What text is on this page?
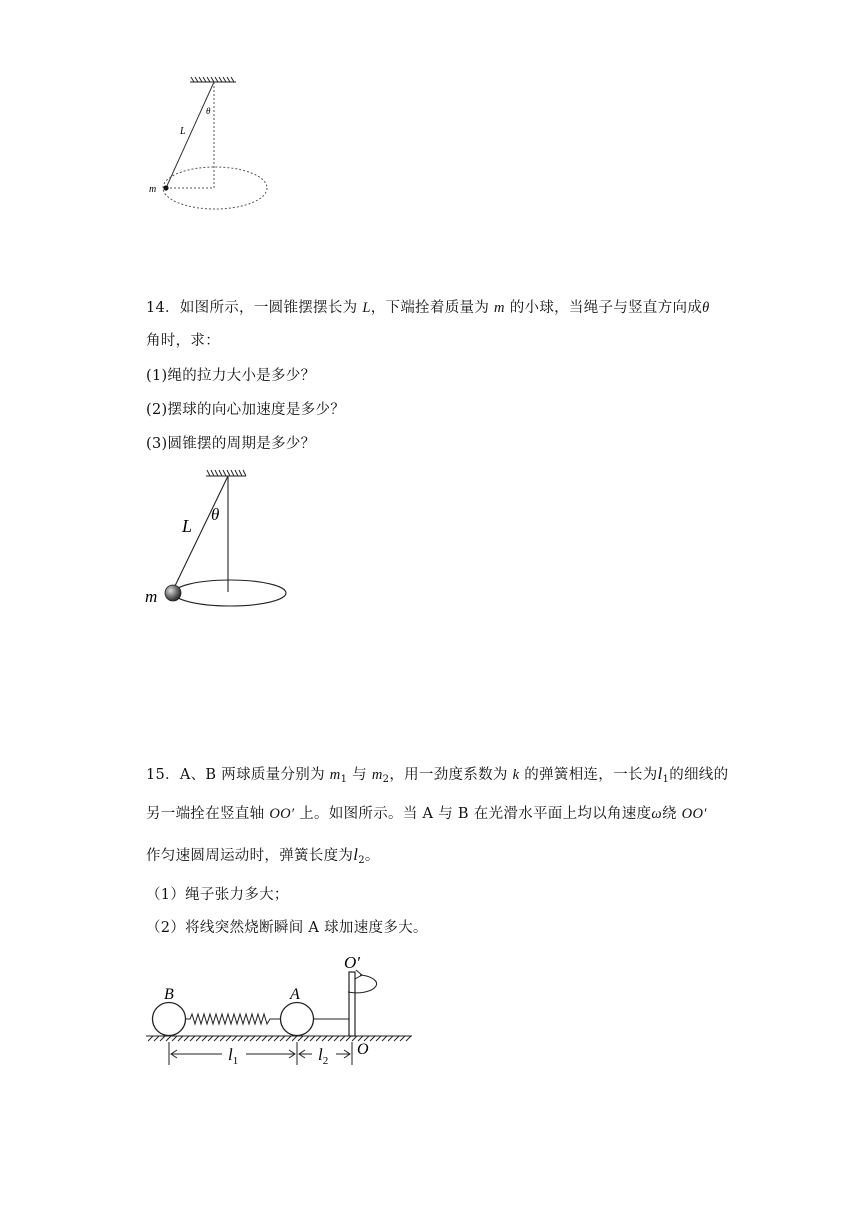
θ
L
m
14．如图所示，一圆锥摆摆长为 L，下端拴着质量为 m 的小球，当绳子与竖直方向成θ
角时，求：
(1)绳的拉力大小是多少？
(2)摆球的向心加速度是多少？
(3)圆锥摆的周期是多少？
θ
L
m
15．A、B 两球质量分别为 $m_1$ 与 $m_2$，用一劲度系数为 k 的弹簧相连，一长为$l_1$的细线的
另一端拴在竖直轴 OO′ 上。如图所示。当 A 与 B 在光滑水平面上均以角速度ω绕 OO′
作匀速圆周运动时，弹簧长度为$l_2$。
（1）绳子张力多大；
（2）将线突然烧断瞬间 A 球加速度多大。
B	A
O′
O
$l_1$	$l_2$
